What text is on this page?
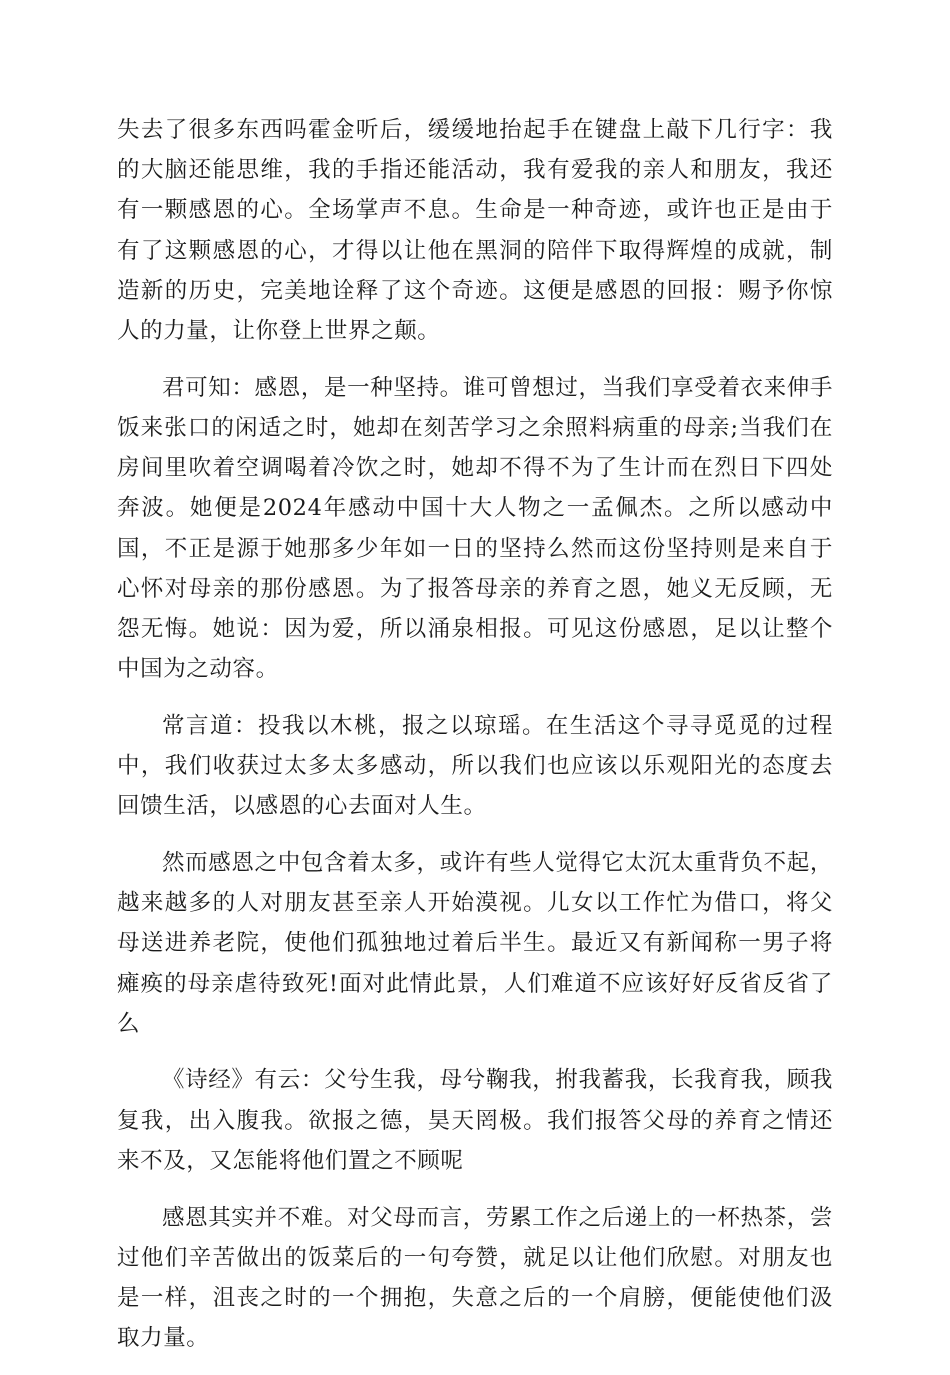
失去了很多东西吗霍金听后，缓缓地抬起手在键盘上敲下几行字：我的大脑还能思维，我的手指还能活动，我有爱我的亲人和朋友，我还有一颗感恩的心。全场掌声不息。生命是一种奇迹，或许也正是由于有了这颗感恩的心，才得以让他在黑洞的陪伴下取得辉煌的成就，制造新的历史，完美地诠释了这个奇迹。这便是感恩的回报：赐予你惊人的力量，让你登上世界之颠。

君可知：感恩，是一种坚持。谁可曾想过，当我们享受着衣来伸手饭来张口的闲适之时，她却在刻苦学习之余照料病重的母亲;当我们在房间里吹着空调喝着冷饮之时，她却不得不为了生计而在烈日下四处奔波。她便是2024年感动中国十大人物之一孟佩杰。之所以感动中国，不正是源于她那多少年如一日的坚持么然而这份坚持则是来自于心怀对母亲的那份感恩。为了报答母亲的养育之恩，她义无反顾，无怨无悔。她说：因为爱，所以涌泉相报。可见这份感恩，足以让整个中国为之动容。

常言道：投我以木桃，报之以琼瑶。在生活这个寻寻觅觅的过程中，我们收获过太多太多感动，所以我们也应该以乐观阳光的态度去回馈生活，以感恩的心去面对人生。

然而感恩之中包含着太多，或许有些人觉得它太沉太重背负不起，越来越多的人对朋友甚至亲人开始漠视。儿女以工作忙为借口，将父母送进养老院，使他们孤独地过着后半生。最近又有新闻称一男子将瘫痪的母亲虐待致死!面对此情此景，人们难道不应该好好反省反省了么

《诗经》有云：父兮生我，母兮鞠我，拊我蓄我，长我育我，顾我复我，出入腹我。欲报之德，昊天罔极。我们报答父母的养育之情还来不及，又怎能将他们置之不顾呢

感恩其实并不难。对父母而言，劳累工作之后递上的一杯热茶，尝过他们辛苦做出的饭菜后的一句夸赞，就足以让他们欣慰。对朋友也是一样，沮丧之时的一个拥抱，失意之后的一个肩膀，便能使他们汲取力量。
